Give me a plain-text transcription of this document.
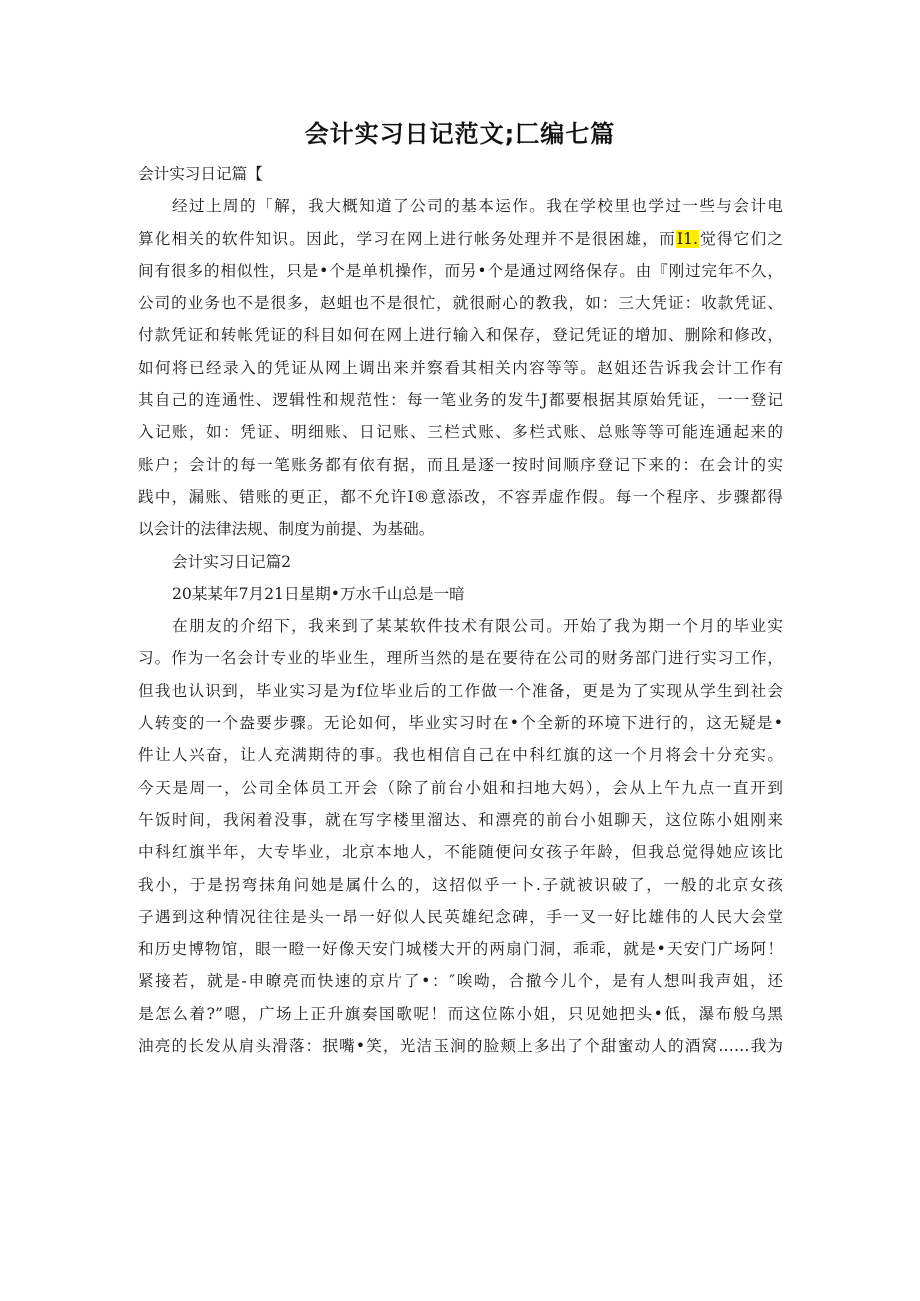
会计实习日记范文;匚编七篇
会计实习日记篇【
经过上周的「解，我大概知道了公司的基本运作。我在学校里也学过一些与会计电
算化相关的软件知识。因此，学习在网上进行帐务处理并不是很困雄，而I1.觉得它们之
间有很多的相似性，只是•个是单机操作，而另•个是通过网络保存。由『刚过完年不久，
公司的业务也不是很多，赵蛆也不是很忙，就很耐心的教我，如：三大凭证：收款凭证、
付款凭证和转帐凭证的科目如何在网上进行输入和保存，登记凭证的增加、删除和修改，
如何将已经录入的凭证从网上调出来并察看其相关内容等等。赵姐还告诉我会计工作有
其自己的连通性、逻辑性和规范性：每一笔业务的发牛J都要根据其原始凭证，一一登记
入记账，如：凭证、明细账、日记账、三栏式账、多栏式账、总账等等可能连通起来的
账户；会计的每一笔账务都有依有据，而且是逐一按时间顺序登记下来的：在会计的实
践中，漏账、错账的更正，都不允许I®意添改，不容弄虚作假。每一个程序、步骤都得
以会计的法律法规、制度为前提、为基础。
会计实习日记篇2
20某某年7月21日星期•万水千山总是一暗
在朋友的介绍下，我来到了某某软件技术有限公司。开始了我为期一个月的毕业实
习。作为一名会计专业的毕业生，理所当然的是在要待在公司的财务部门进行实习工作，
但我也认识到，毕业实习是为f位毕业后的工作做一个准备，更是为了实现从学生到社会
人转变的一个盎要步骤。无论如何，毕业实习时在•个全新的环境下进行的，这无疑是•
件让人兴奋，让人充满期待的事。我也相信自己在中科红旗的这一个月将会十分充实。
今天是周一，公司全体员工开会（除了前台小姐和扫地大妈），会从上午九点一直开到
午饭时间，我闲着没事，就在写字楼里溜达、和漂亮的前台小姐聊天，这位陈小姐刚来
中科红旗半年，大专毕业，北京本地人，不能随便问女孩子年龄，但我总觉得她应该比
我小，于是拐弯抹角问她是属什么的，这招似乎一卜.子就被识破了，一般的北京女孩
子遇到这种情况往往是头一昂一好似人民英雄纪念碑，手一叉一好比雄伟的人民大会堂
和历史博物馆，眼一瞪一好像天安门城楼大开的两扇门洞，乖乖，就是•天安门广场阿！
紧接若，就是-申暸亮而快速的京片了•：″唉呦，合撤今儿个，是有人想叫我声姐，还
是怎么着?”嗯，广场上正升旗奏国歌呢！而这位陈小姐，只见她把头•低，瀑布般乌黑
油亮的长发从肩头滑落：抿嘴•笑，光洁玉涧的脸颊上多出了个甜蜜动人的酒窝……我为
